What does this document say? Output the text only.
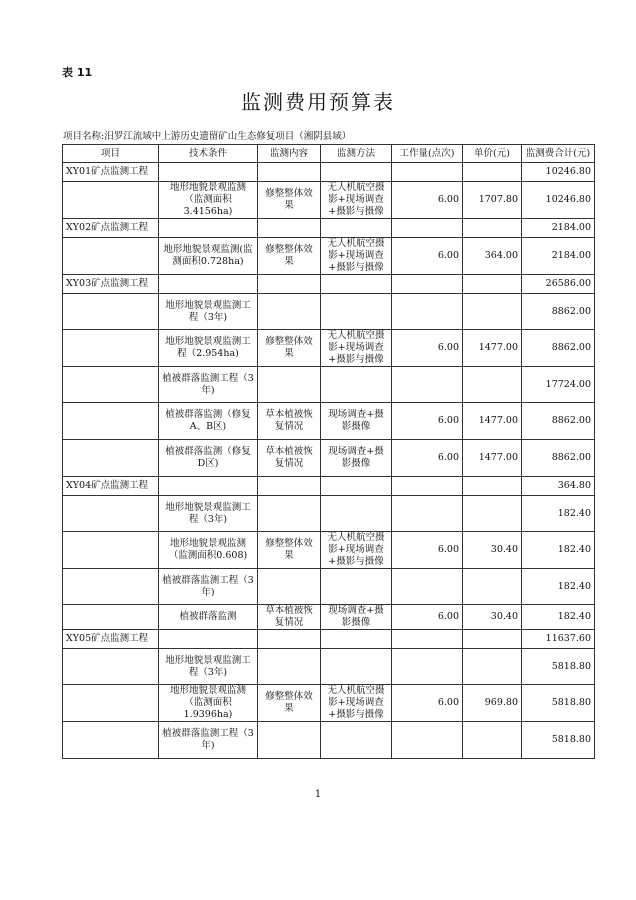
表 11
监测费用预算表
项目名称:汨罗江流域中上游历史遗留矿山生态修复项目（湘阴县域）
项目	技术条件	监测内容	监测方法	工作量(点次)	单价(元)	监测费合计(元)
XY01矿点监测工程						10246.80
	地形地貌景观监测（监测面积3.4156ha)	修整整体效果	无人机航空摄影+现场调查+摄影与摄像	6.00	1707.80	10246.80
XY02矿点监测工程						2184.00
	地形地貌景观监测(监测面积0.728ha)	修整整体效果	无人机航空摄影+现场调查+摄影与摄像	6.00	364.00	2184.00
XY03矿点监测工程						26586.00
	地形地貌景观监测工程（3年)					8862.00
	地形地貌景观监测工程（2.954ha)	修整整体效果	无人机航空摄影+现场调查+摄影与摄像	6.00	1477.00	8862.00
	植被群落监测工程（3年)					17724.00
	植被群落监测（修复A、B区)	草本植被恢复情况	现场调查+摄影摄像	6.00	1477.00	8862.00
	植被群落监测（修复D区)	草本植被恢复情况	现场调查+摄影摄像	6.00	1477.00	8862.00
XY04矿点监测工程						364.80
	地形地貌景观监测工程（3年)					182.40
	地形地貌景观监测（监测面积0.608)	修整整体效果	无人机航空摄影+现场调查+摄影与摄像	6.00	30.40	182.40
	植被群落监测工程（3年)					182.40
	植被群落监测	草本植被恢复情况	现场调查+摄影摄像	6.00	30.40	182.40
XY05矿点监测工程						11637.60
	地形地貌景观监测工程（3年)					5818.80
	地形地貌景观监测（监测面积1.9396ha)	修整整体效果	无人机航空摄影+现场调查+摄影与摄像	6.00	969.80	5818.80
	植被群落监测工程（3年)					5818.80
1
